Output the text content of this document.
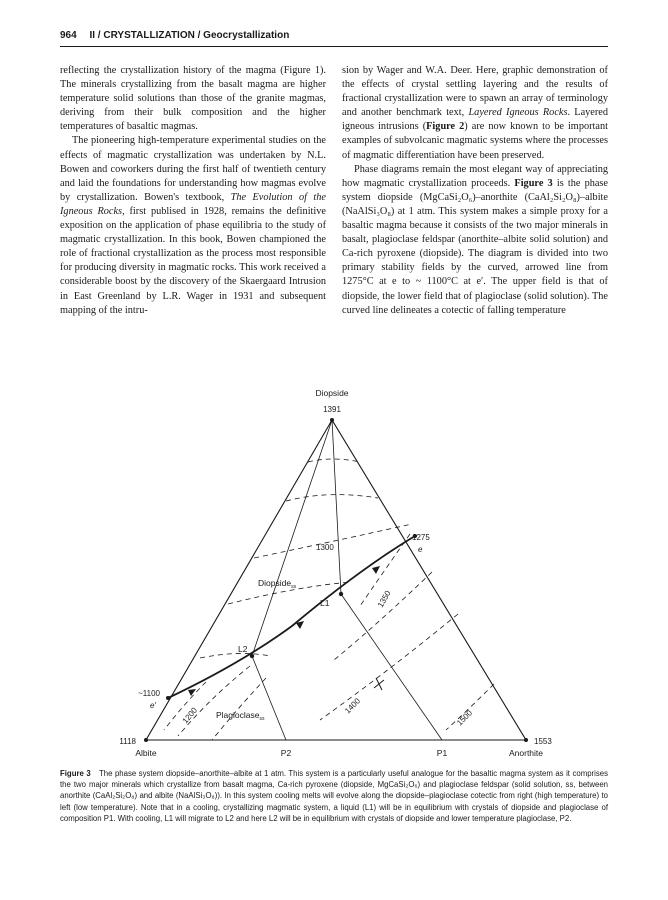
964 II / CRYSTALLIZATION / Geocrystallization

reflecting the crystallization history of the magma (Figure 1). The minerals crystallizing from the basalt magma are higher temperature solid solutions than those of the granite magmas, deriving from their bulk composition and the higher temperatures of basaltic magmas.

The pioneering high-temperature experimental studies on the effects of magmatic crystallization was undertaken by N.L. Bowen and coworkers during the first half of twentieth century and laid the foundations for understanding how magmas evolve by crystallization. Bowen's textbook, The Evolution of the Igneous Rocks, first publised in 1928, remains the definitive exposition on the application of phase equilibria to the study of magmatic crystallization. In this book, Bowen championed the role of fractional crystallization as the process most responsible for producing diversity in magmatic rocks. This work received a considerable boost by the discovery of the Skaergaard Intrusion in East Greenland by L.R. Wager in 1931 and subsequent mapping of the intru-

sion by Wager and W.A. Deer. Here, graphic demonstration of the effects of crystal settling layering and the results of fractional crystallization were to spawn an array of terminology and another benchmark text, Layered Igneous Rocks. Layered igneous intrusions (Figure 2) are now known to be important examples of subvolcanic magmatic systems where the processes of magmatic differentiation have been preserved.

Phase diagrams remain the most elegant way of appreciating how magmatic crystallization proceeds. Figure 3 is the phase system diopside (MgCaSi₂O₆)–anorthite (CaAl₂Si₂O₈)–albite (NaAlSi₃O₈) at 1 atm. This system makes a simple proxy for a basaltic magma because it consists of the two major minerals in basalt, plagioclase feldspar (anorthite–albite solid solution) and Ca-rich pyroxene (diopside). The diagram is divided into two primary stability fields by the curved, arrowed line from 1275°C at e to ~ 1100°C at e′. The upper field is that of diopside, the lower field that of plagioclase (solid solution). The curved line delineates a cotectic of falling temperature

Diopside
1391
Albite
1118
Anorthite
1553
P2	P1
1275
e
~1100
e′
1300
1350
1400
1500
1200
Diopside$_{ss}$
Plagioclase$_{ss}$
L1
L2
Figure 3 The phase system diopside–anorthite–albite at 1 atm. This system is a particularly useful analogue for the basaltic magma system as it comprises the two major minerals which crystallize from basalt magma, Ca-rich pyroxene (diopside, MgCaSi₂O₆) and plagioclase feldspar (solid solution, ss, between anorthite (CaAl₂Si₂O₈) and albite (NaAlSi₃O₈)). In this system cooling melts will evolve along the diopside–plagioclase cotectic from right (high temperature) to left (low temperature). Note that in a cooling, crystallizing magmatic system, a liquid (L1) will be in equilibrium with crystals of diopside and plagioclase of composition P1. With cooling, L1 will migrate to L2 and here L2 will be in equilibrium with crystals of diopside and lower temperature plagioclase, P2.
